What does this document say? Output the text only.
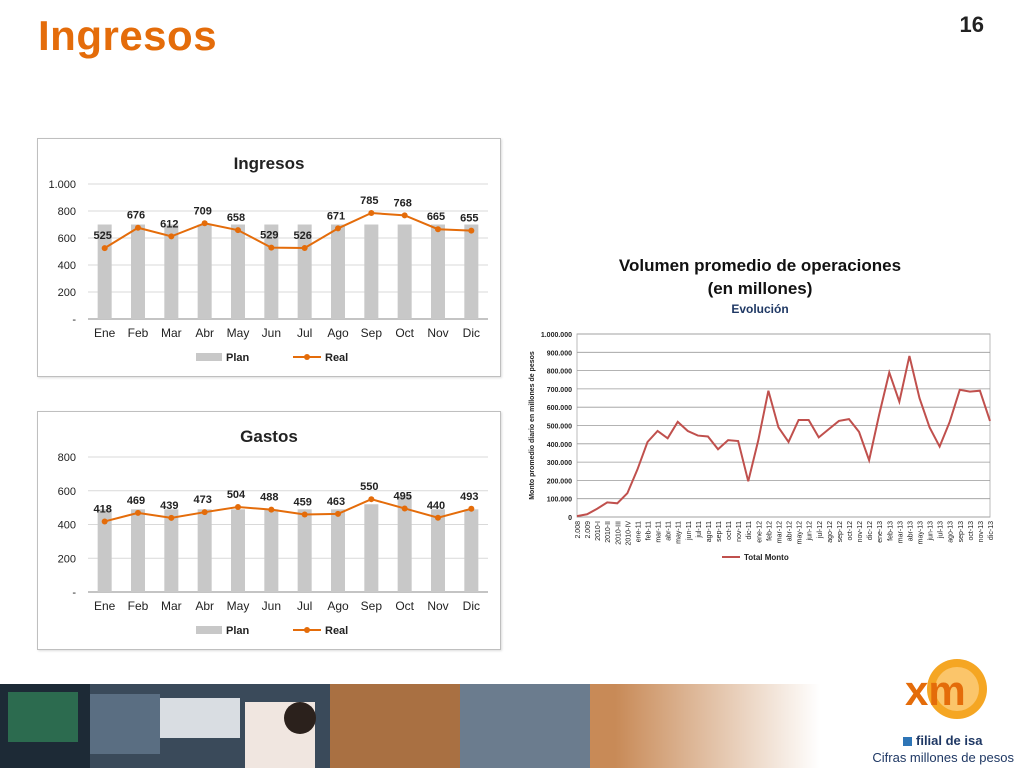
Ingresos	16
Ingresos
-
200
400
600
800
1.000
Ene Feb Mar Abr May Jun Jul Ago Sep Oct Nov Dic
525
676
612
709
658
529 526
671
785 768
665 655
Plan	Real
Gastos
-
200
400
600
800
Ene Feb Mar Abr May Jun Jul Ago Sep Oct Nov Dic
418
469 439 473 504 488 459 463
550
495
440
493
Plan	Real
Volumen promedio de operaciones
(en millones)
Evolución
0
100.000
200.000
300.000
400.000
500.000
600.000
700.000
800.000
900.000
1.000.000
Monto promedio diario en millones de pesos
2.008 2.009 2010-I 2010-II 2010-III 2010-IV ene-11 feb-11 mar-11 abr-11 may-11 jun-11 jul-11 ago-11 sep-11 oct-11 nov-11 dic-11 ene-12 feb-12 mar-12 abr-12 may-12 jun-12 jul-12 ago-12 sep-12 oct-12 nov-12 dic-12 ene-13 feb-13 mar-13 abr-13 may-13 jun-13 jul-13 ago-13 sep-13 oct-13 nov-13 dic-13
Total Monto
xm
filial de isa
Cifras millones de pesos
